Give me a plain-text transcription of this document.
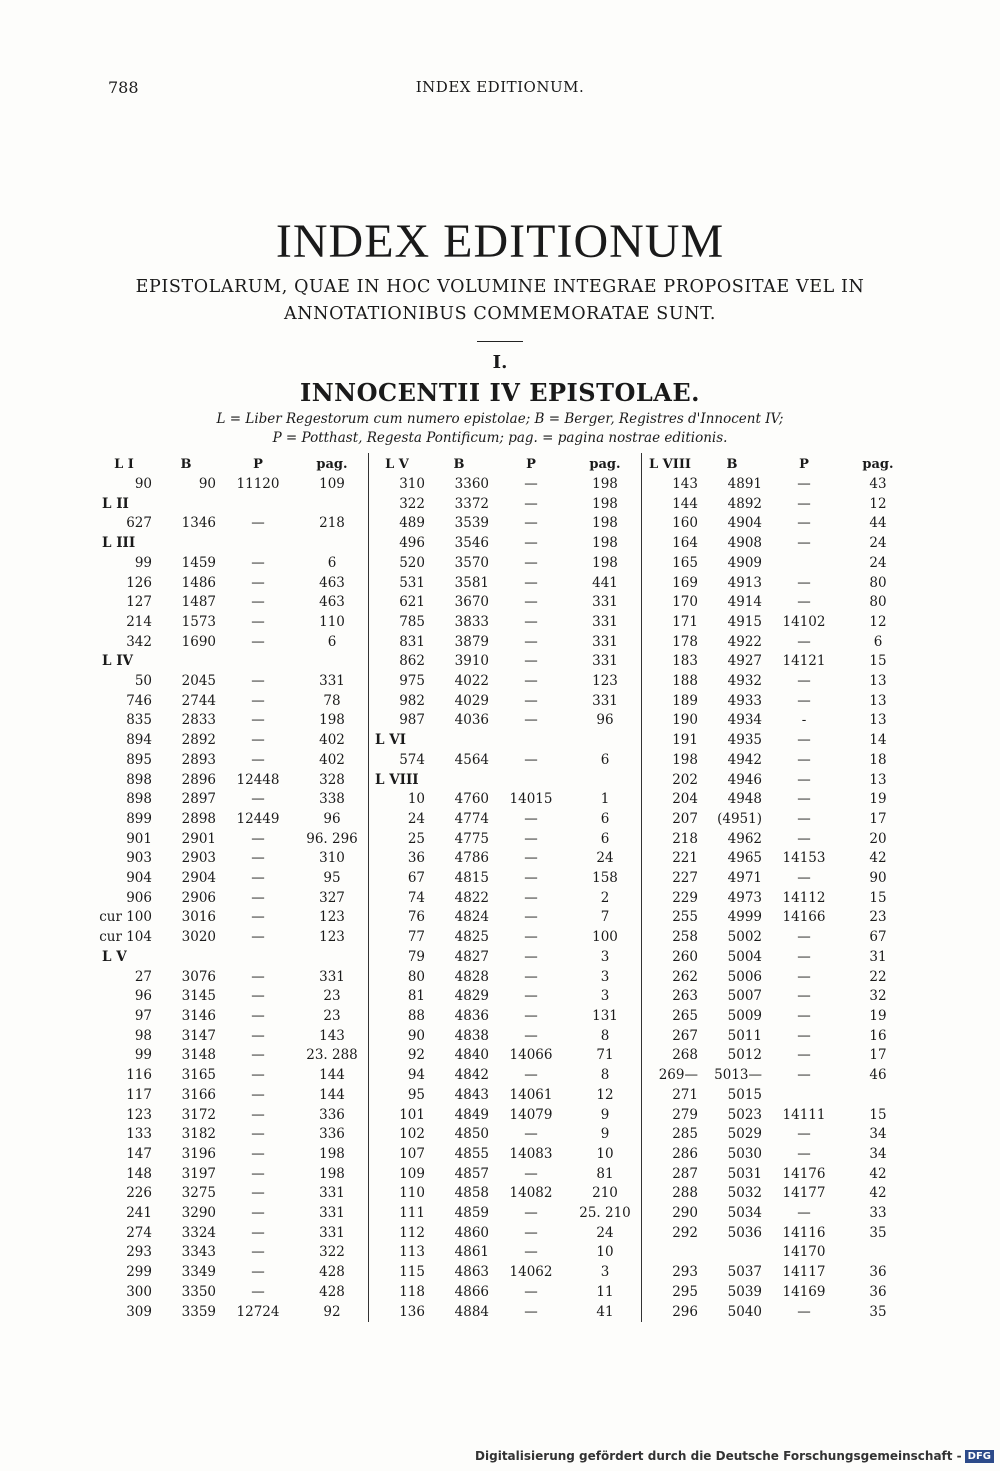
788	INDEX EDITIONUM.
INDEX EDITIONUM
EPISTOLARUM, QUAE IN HOC VOLUMINE INTEGRAE PROPOSITAE VEL IN
ANNOTATIONIBUS COMMEMORATAE SUNT.
I.
INNOCENTII IV EPISTOLAE.
L = Liber Regestorum cum numero epistolae; B = Berger, Registres d'Innocent IV;
P = Potthast, Regesta Pontificum; pag. = pagina nostrae editionis.
L I	B	P	pag.	L V	B	P	pag.	L VIII	B	P	pag.
90	90	11120	109	310	3360	—	198	143	4891	—	43
L II				322	3372	—	198	144	4892	—	12
627	1346	—	218	489	3539	—	198	160	4904	—	44
L III				496	3546	—	198	164	4908	—	24
99	1459	—	6	520	3570	—	198	165	4909		24
126	1486	—	463	531	3581	—	441	169	4913	—	80
127	1487	—	463	621	3670	—	331	170	4914	—	80
214	1573	—	110	785	3833	—	331	171	4915	14102	12
342	1690	—	6	831	3879	—	331	178	4922	—	6
L IV				862	3910	—	331	183	4927	14121	15
50	2045	—	331	975	4022	—	123	188	4932	—	13
746	2744	—	78	982	4029	—	331	189	4933	—	13
835	2833	—	198	987	4036	—	96	190	4934	-	13
894	2892	—	402	L VI				191	4935	—	14
895	2893	—	402	574	4564	—	6	198	4942	—	18
898	2896	12448	328	L VIII				202	4946	—	13
898	2897	—	338	10	4760	14015	1	204	4948	—	19
899	2898	12449	96	24	4774	—	6	207	(4951)	—	17
901	2901	—	96. 296	25	4775	—	6	218	4962	—	20
903	2903	—	310	36	4786	—	24	221	4965	14153	42
904	2904	—	95	67	4815	—	158	227	4971	—	90
906	2906	—	327	74	4822	—	2	229	4973	14112	15
cur 100	3016	—	123	76	4824	—	7	255	4999	14166	23
cur 104	3020	—	123	77	4825	—	100	258	5002	—	67
L V				79	4827	—	3	260	5004	—	31
27	3076	—	331	80	4828	—	3	262	5006	—	22
96	3145	—	23	81	4829	—	3	263	5007	—	32
97	3146	—	23	88	4836	—	131	265	5009	—	19
98	3147	—	143	90	4838	—	8	267	5011	—	16
99	3148	—	23. 288	92	4840	14066	71	268	5012	—	17
116	3165	—	144	94	4842	—	8	269—	5013—	—	46
117	3166	—	144	95	4843	14061	12	271	5015		
123	3172	—	336	101	4849	14079	9	279	5023	14111	15
133	3182	—	336	102	4850	—	9	285	5029	—	34
147	3196	—	198	107	4855	14083	10	286	5030	—	34
148	3197	—	198	109	4857	—	81	287	5031	14176	42
226	3275	—	331	110	4858	14082	210	288	5032	14177	42
241	3290	—	331	111	4859	—	25. 210	290	5034	—	33
274	3324	—	331	112	4860	—	24	292	5036	14116	35
293	3343	—	322	113	4861	—	10			14170	
299	3349	—	428	115	4863	14062	3	293	5037	14117	36
300	3350	—	428	118	4866	—	11	295	5039	14169	36
309	3359	12724	92	136	4884	—	41	296	5040	—	35
Digitalisierung gefördert durch die Deutsche Forschungsgemeinschaft - DFG
